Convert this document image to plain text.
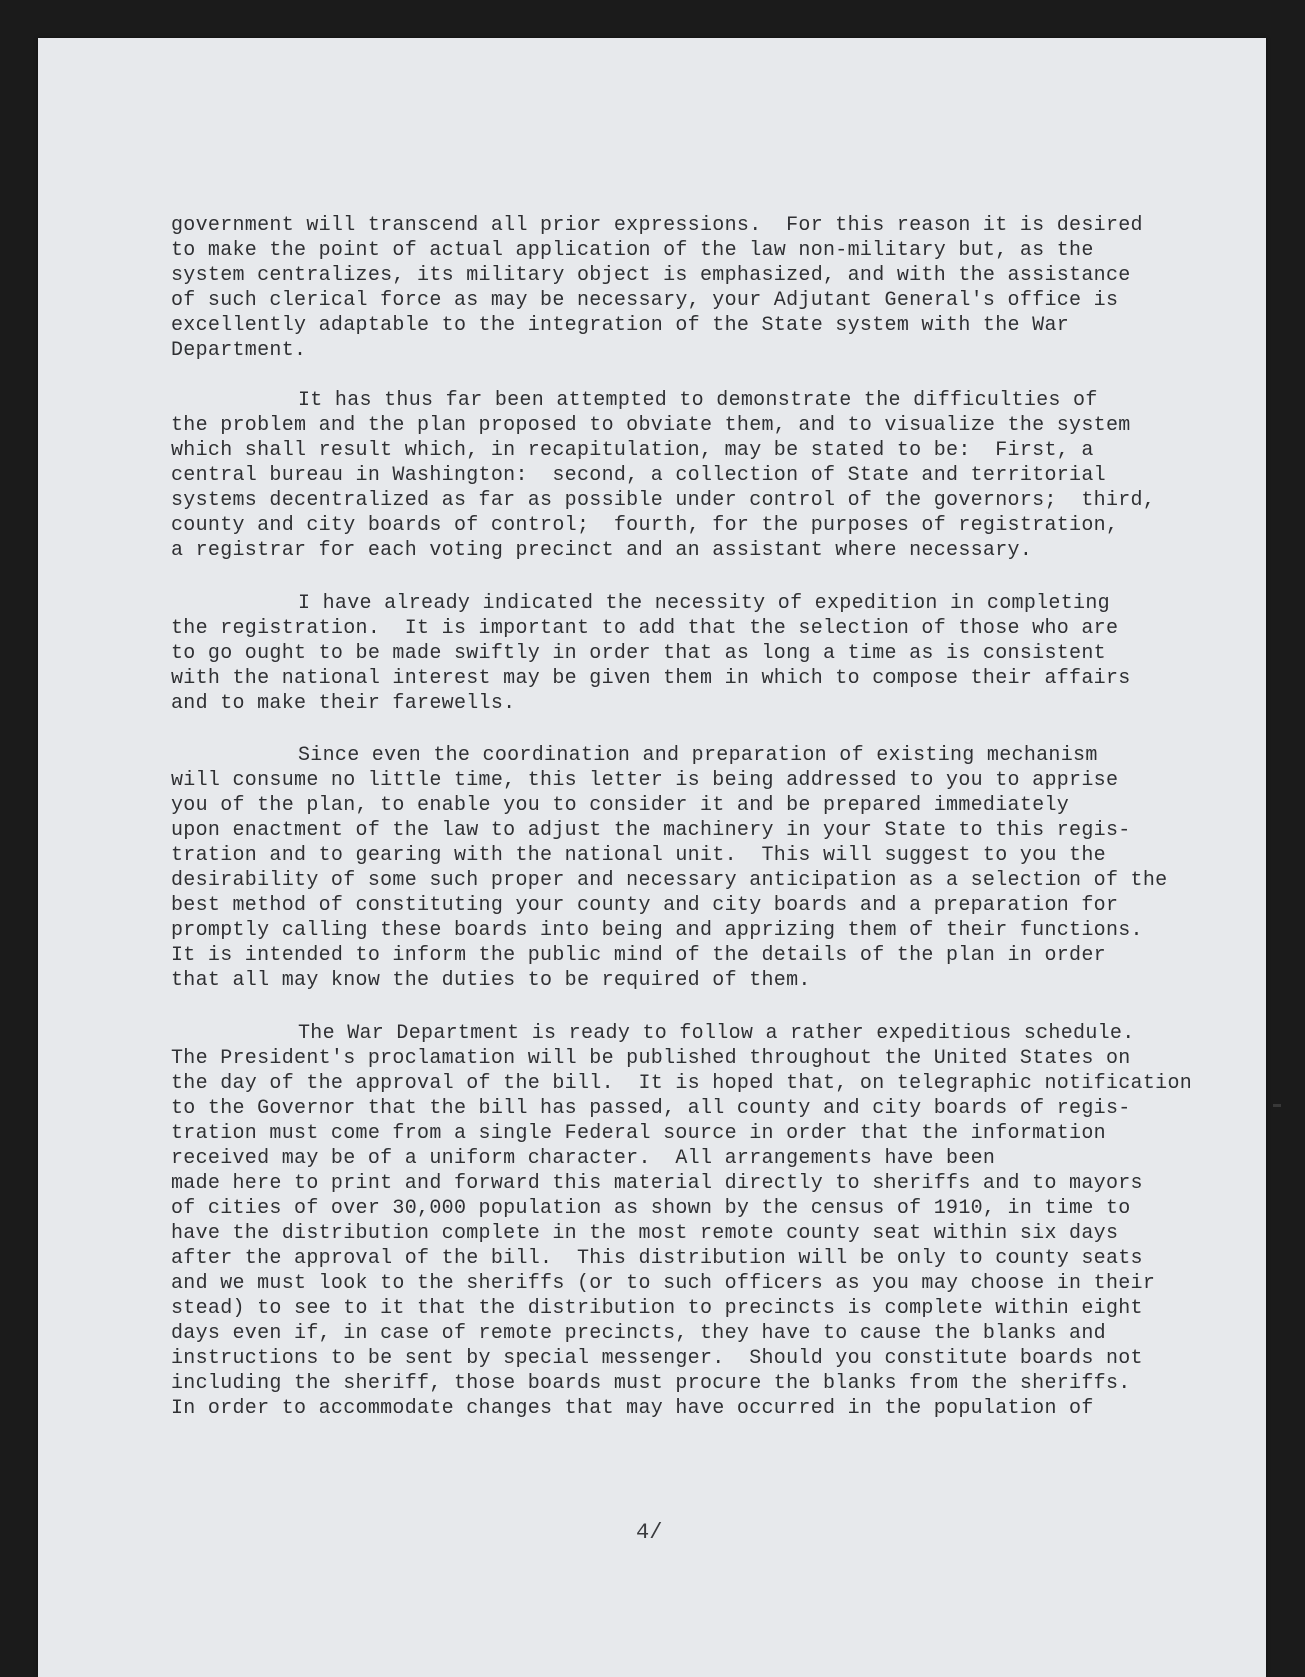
government will transcend all prior expressions.  For this reason it is desired
to make the point of actual application of the law non-military but, as the
system centralizes, its military object is emphasized, and with the assistance
of such clerical force as may be necessary, your Adjutant General's office is
excellently adaptable to the integration of the State system with the War
Department.
It has thus far been attempted to demonstrate the difficulties of
the problem and the plan proposed to obviate them, and to visualize the system
which shall result which, in recapitulation, may be stated to be:  First, a
central bureau in Washington:  second, a collection of State and territorial
systems decentralized as far as possible under control of the governors;  third,
county and city boards of control;  fourth, for the purposes of registration,
a registrar for each voting precinct and an assistant where necessary.
I have already indicated the necessity of expedition in completing
the registration.  It is important to add that the selection of those who are
to go ought to be made swiftly in order that as long a time as is consistent
with the national interest may be given them in which to compose their affairs
and to make their farewells.
Since even the coordination and preparation of existing mechanism
will consume no little time, this letter is being addressed to you to apprise
you of the plan, to enable you to consider it and be prepared immediately
upon enactment of the law to adjust the machinery in your State to this regis-
tration and to gearing with the national unit.  This will suggest to you the
desirability of some such proper and necessary anticipation as a selection of the
best method of constituting your county and city boards and a preparation for
promptly calling these boards into being and apprizing them of their functions.
It is intended to inform the public mind of the details of the plan in order
that all may know the duties to be required of them.
The War Department is ready to follow a rather expeditious schedule.
The President's proclamation will be published throughout the United States on
the day of the approval of the bill.  It is hoped that, on telegraphic notification
to the Governor that the bill has passed, all county and city boards of regis-
tration must come from a single Federal source in order that the information
received may be of a uniform character.  All arrangements have been
made here to print and forward this material directly to sheriffs and to mayors
of cities of over 30,000 population as shown by the census of 1910, in time to
have the distribution complete in the most remote county seat within six days
after the approval of the bill.  This distribution will be only to county seats
and we must look to the sheriffs (or to such officers as you may choose in their
stead) to see to it that the distribution to precincts is complete within eight
days even if, in case of remote precincts, they have to cause the blanks and
instructions to be sent by special messenger.  Should you constitute boards not
including the sheriff, those boards must procure the blanks from the sheriffs.
In order to accommodate changes that may have occurred in the population of
4/
